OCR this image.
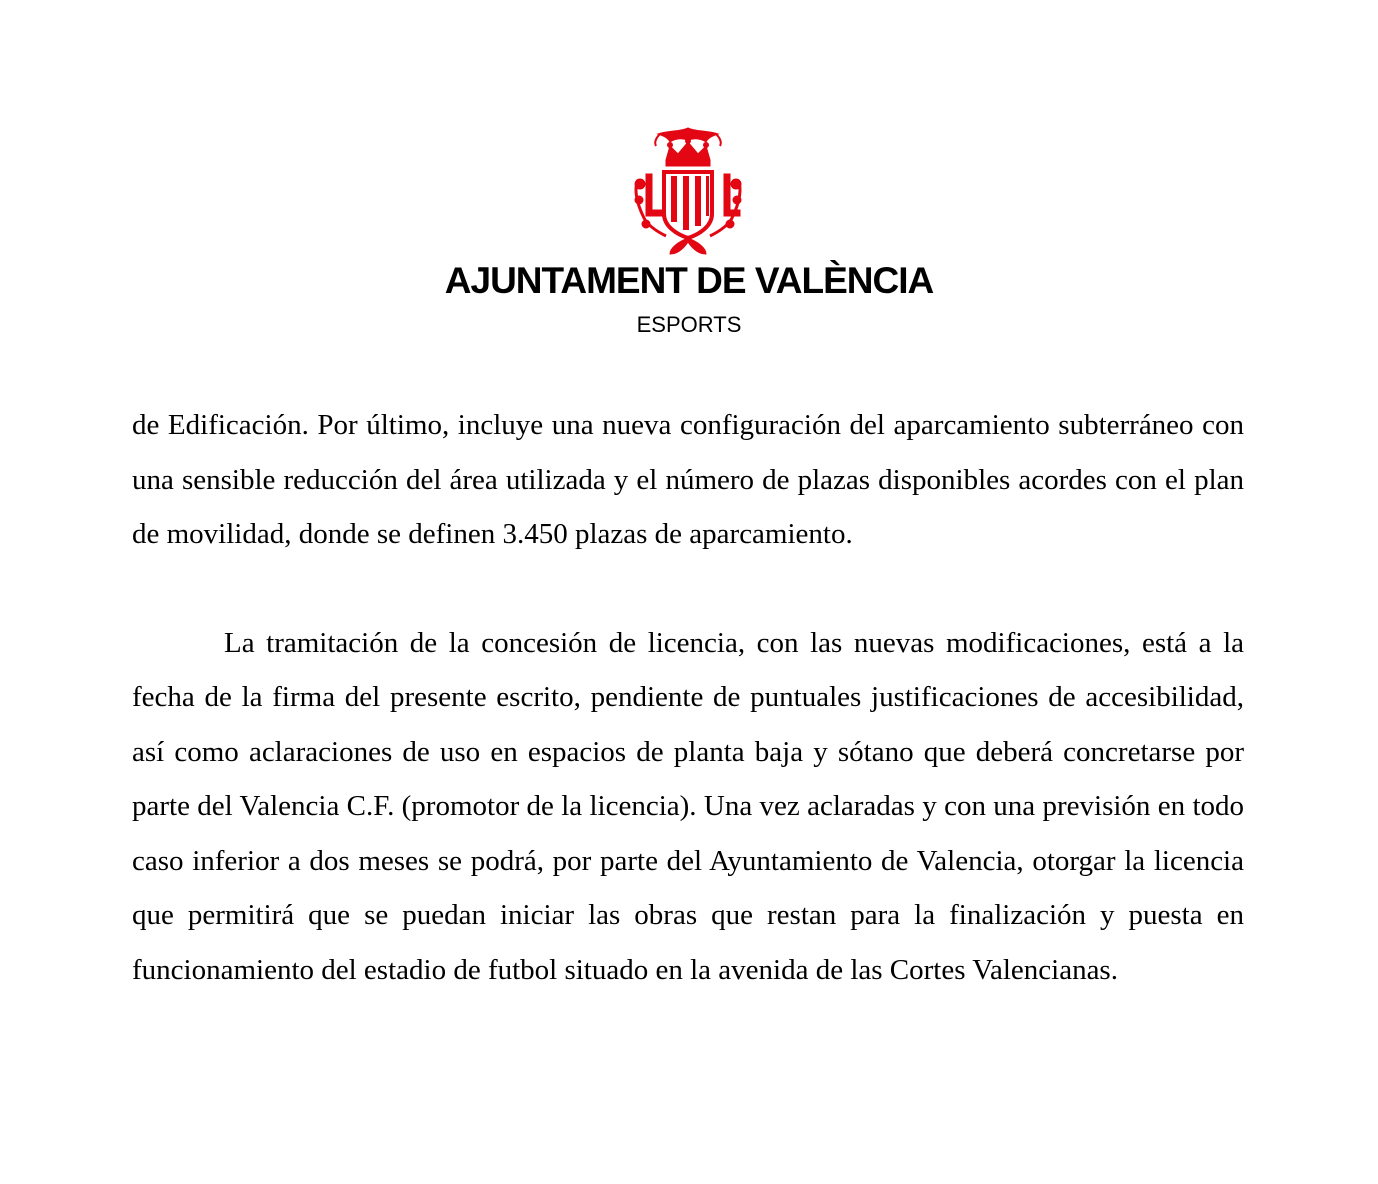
AJUNTAMENT DE VALÈNCIA
ESPORTS

de Edificación. Por último, incluye una nueva configuración del aparcamiento subterráneo con una sensible reducción del área utilizada y el número de plazas disponibles acordes con el plan de movilidad, donde se definen 3.450 plazas de aparcamiento.

La tramitación de la concesión de licencia, con las nuevas modificaciones, está a la fecha de la firma del presente escrito, pendiente de puntuales justificaciones de accesibilidad, así como aclaraciones de uso en espacios de planta baja y sótano que deberá concretarse por parte del Valencia C.F. (promotor de la licencia). Una vez aclaradas y con una previsión en todo caso inferior a dos meses se podrá, por parte del Ayuntamiento de Valencia, otorgar la licencia que permitirá que se puedan iniciar las obras que restan para la finalización y puesta en funcionamiento del estadio de futbol situado en la avenida de las Cortes Valencianas.
